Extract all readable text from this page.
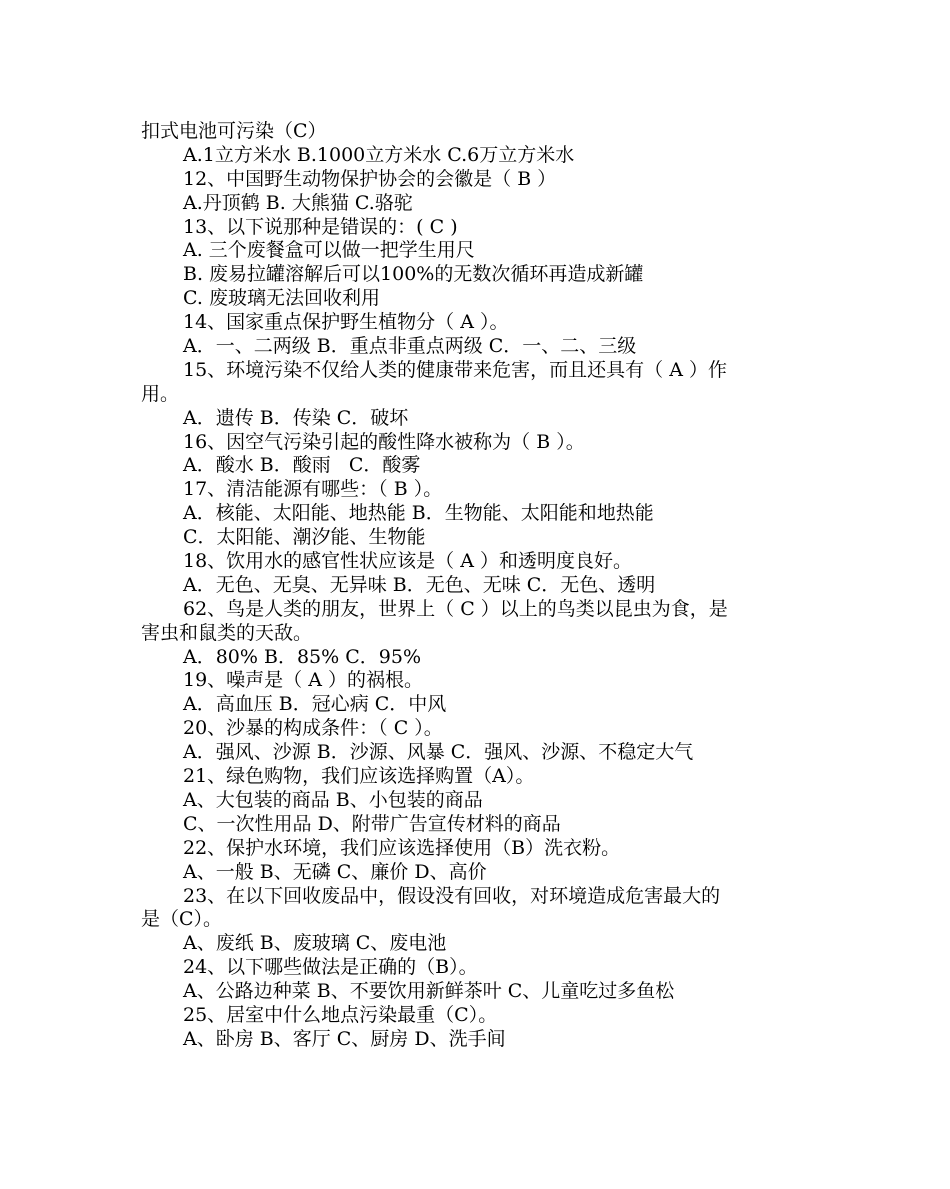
扣式电池可污染（C）
A.1立方米水 B.1000立方米水 C.6万立方米水
12、中国野生动物保护协会的会徽是（ B ）
A.丹顶鹤 B. 大熊猫 C.骆驼
13、以下说那种是错误的：( C )
A. 三个废餐盒可以做一把学生用尺
B. 废易拉罐溶解后可以100%的无数次循环再造成新罐
C. 废玻璃无法回收利用
14、国家重点保护野生植物分（ A ）。
A．一、二两级 B．重点非重点两级 C．一、二、三级
15、环境污染不仅给人类的健康带来危害，而且还具有（ A ）作
用。
A．遗传 B．传染 C．破坏
16、因空气污染引起的酸性降水被称为（ B ）。
A．酸水 B．酸雨   C．酸雾
17、清洁能源有哪些：（ B ）。
A．核能、太阳能、地热能 B．生物能、太阳能和地热能
C．太阳能、潮汐能、生物能
18、饮用水的感官性状应该是（ A ）和透明度良好。
A．无色、无臭、无异味 B．无色、无味 C．无色、透明
62、鸟是人类的朋友，世界上（ C ）以上的鸟类以昆虫为食，是
害虫和鼠类的天敌。
A．80% B．85% C．95%
19、噪声是（ A ）的祸根。
A．高血压 B．冠心病 C．中风
20、沙暴的构成条件：（ C ）。
A．强风、沙源 B．沙源、风暴 C．强风、沙源、不稳定大气
21、绿色购物，我们应该选择购置（A）。
A、大包装的商品 B、小包装的商品
C、一次性用品 D、附带广告宣传材料的商品
22、保护水环境，我们应该选择使用（B）洗衣粉。
A、一般 B、无磷 C、廉价 D、高价
23、在以下回收废品中，假设没有回收，对环境造成危害最大的
是（C）。
A、废纸 B、废玻璃 C、废电池
24、以下哪些做法是正确的（B）。
A、公路边种菜 B、不要饮用新鲜茶叶 C、儿童吃过多鱼松
25、居室中什么地点污染最重（C）。
A、卧房 B、客厅 C、厨房 D、洗手间
